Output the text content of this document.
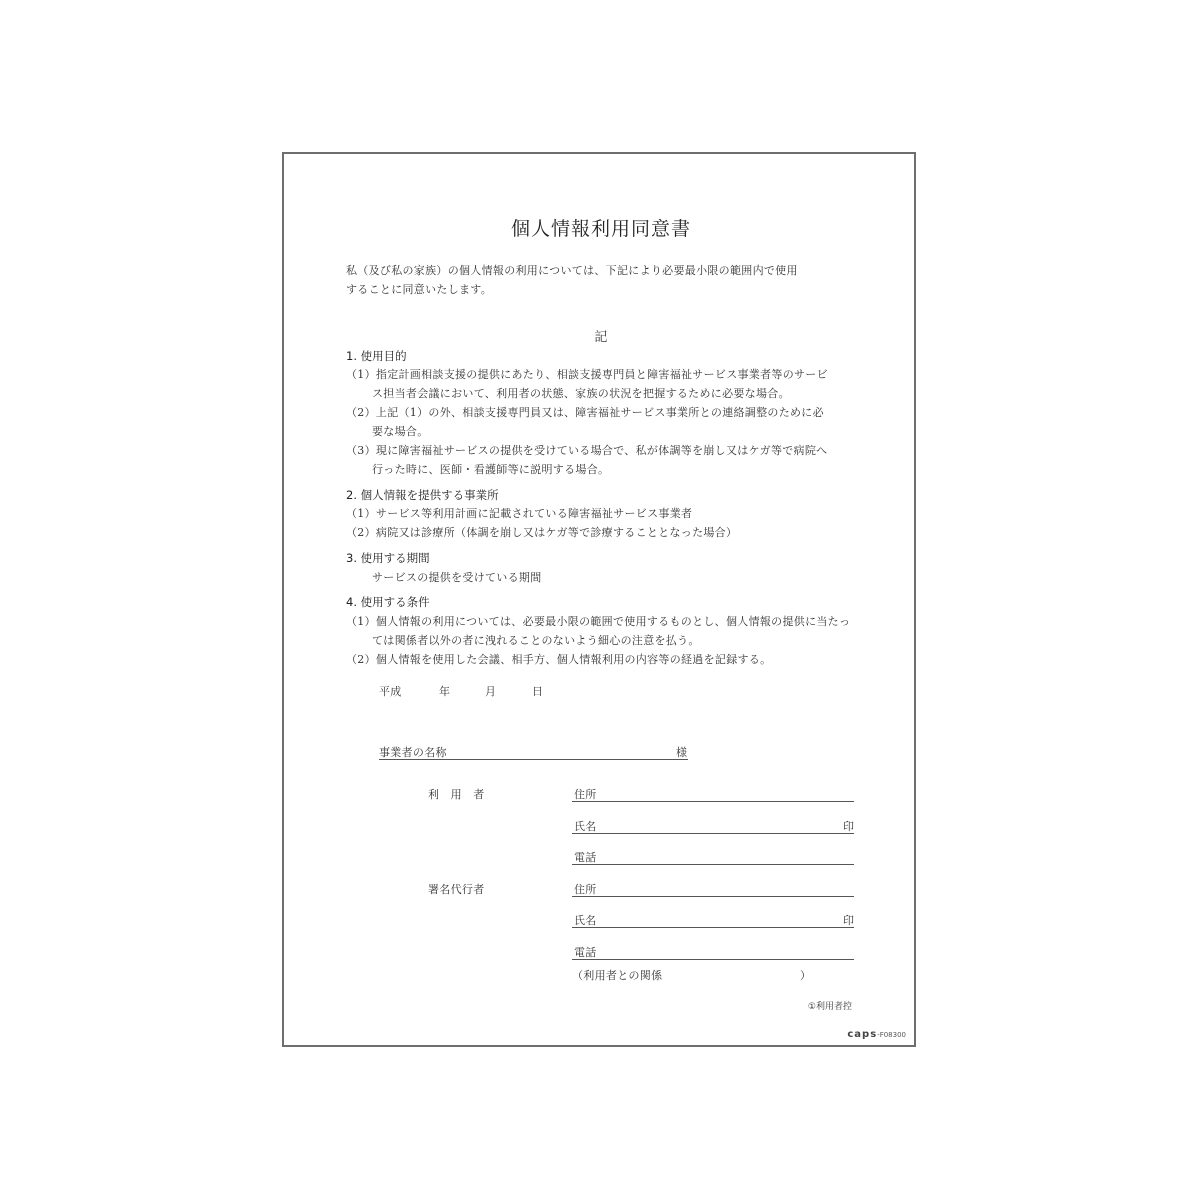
個人情報利用同意書
私（及び私の家族）の個人情報の利用については、下記により必要最小限の範囲内で使用
することに同意いたします。
記
1. 使用目的
（1）指定計画相談支援の提供にあたり、相談支援専門員と障害福祉サービス事業者等のサービ
ス担当者会議において、利用者の状態、家族の状況を把握するために必要な場合。
（2）上記（1）の外、相談支援専門員又は、障害福祉サービス事業所との連絡調整のために必
要な場合。
（3）現に障害福祉サービスの提供を受けている場合で、私が体調等を崩し又はケガ等で病院へ
行った時に、医師・看護師等に説明する場合。
2. 個人情報を提供する事業所
（1）サービス等利用計画に記載されている障害福祉サービス事業者
（2）病院又は診療所（体調を崩し又はケガ等で診療することとなった場合）
3. 使用する期間
サービスの提供を受けている期間
4. 使用する条件
（1）個人情報の利用については、必要最小限の範囲で使用するものとし、個人情報の提供に当たっ
ては関係者以外の者に洩れることのないよう細心の注意を払う。
（2）個人情報を使用した会議、相手方、個人情報利用の内容等の経過を記録する。
平成	年	月	日
事業者の名称	様
利　用　者	住所
氏名	印
電話
署名代行者	住所
氏名	印
電話
（利用者との関係	）
①利用者控
caps-F08300
